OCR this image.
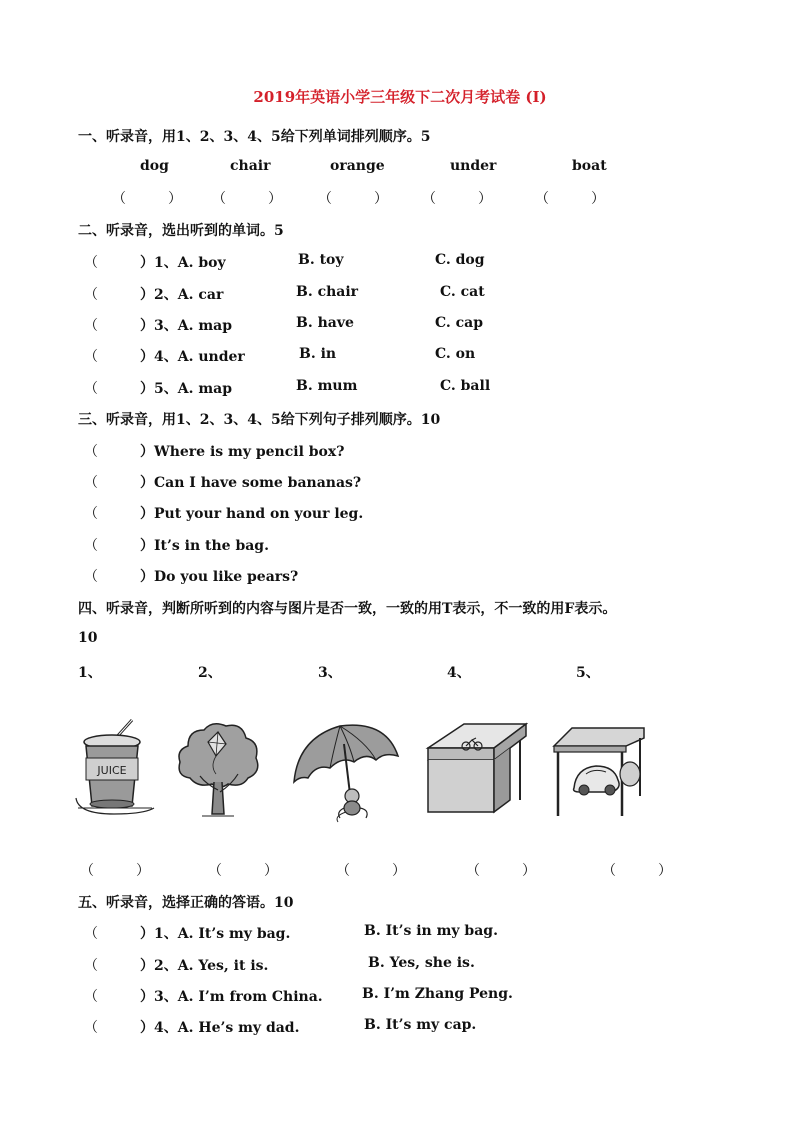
2019年英语小学三年级下二次月考试卷 (I)
一、听录音，用1、2、3、4、5给下列单词排列顺序。5
dog	chair	orange	under	boat
（　　　） （　　　）	（　　　） （　　　）	（　　　）
二、听录音，选出听到的单词。5
（	）1、A. boy	B. toy	C. dog
（	）2、A. car	B. chair	C. cat
（	）3、A. map	B. have	C. cap
（	）4、A. under	B. in	C. on
（	）5、A. map	B. mum	C. ball
三、听录音，用1、2、3、4、5给下列句子排列顺序。10
（	）Where is my pencil box?
（	）Can I have some bananas?
（	）Put your hand on your leg.
（	）It’s in the bag.
（	）Do you like pears?
四、听录音，判断所听到的内容与图片是否一致，一致的用T表示，不一致的用F表示。
10
1、	2、	3、	4、	5、
JUICE
（　　　）	（　　　）	（　　　）	（　　　）	（　　　）
五、听录音，选择正确的答语。10
（	）1、A. It’s my bag.	B. It’s in my bag.
（	）2、A. Yes, it is.	B. Yes, she is.
（	）3、A. I’m from China.	B. I’m Zhang Peng.
（	）4、A. He’s my dad.	B. It’s my cap.
